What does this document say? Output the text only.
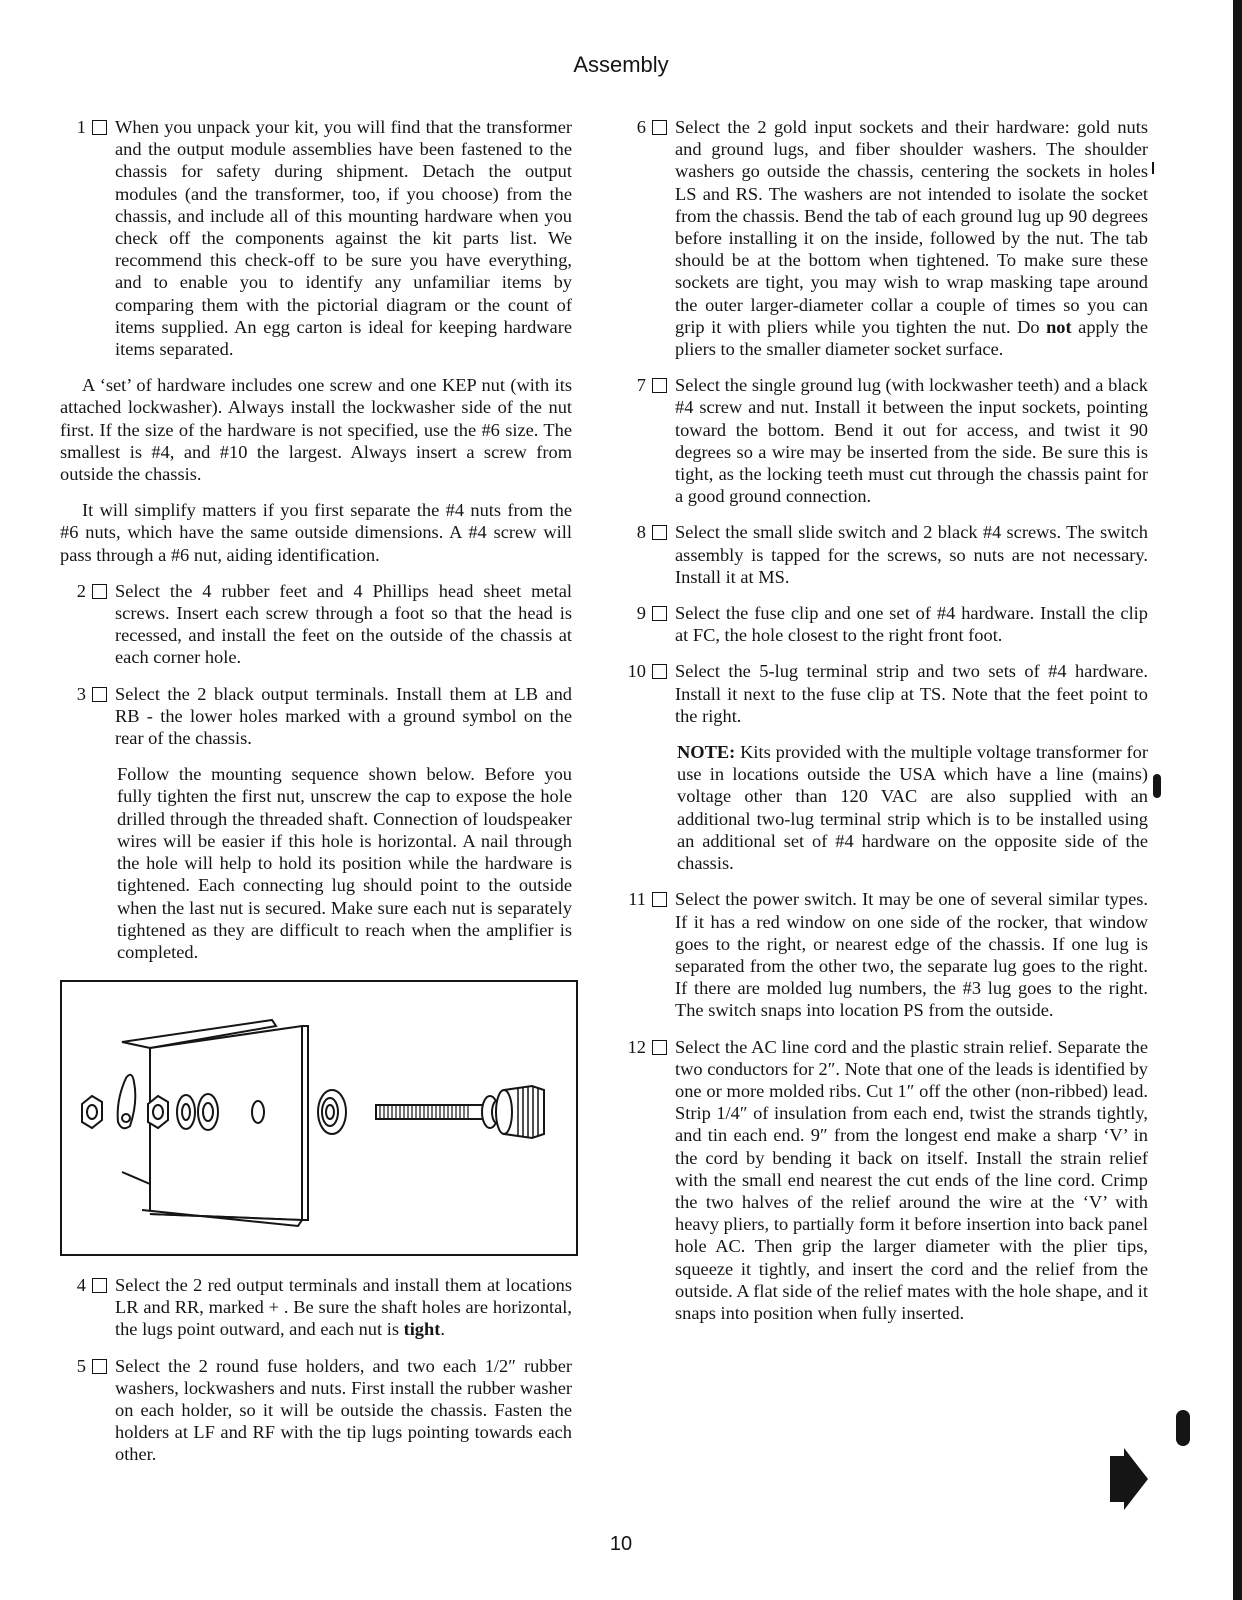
Assembly
1 When you unpack your kit, you will find that the transformer and the output module assemblies have been fastened to the chassis for safety during shipment. Detach the output modules (and the transformer, too, if you choose) from the chassis, and include all of this mounting hardware when you check off the components against the kit parts list. We recommend this check-off to be sure you have everything, and to enable you to identify any unfamiliar items by comparing them with the pictorial diagram or the count of items supplied. An egg carton is ideal for keeping hardware items separated.

A ‘set’ of hardware includes one screw and one KEP nut (with its attached lockwasher). Always install the lockwasher side of the nut first. If the size of the hardware is not specified, use the #6 size. The smallest is #4, and #10 the largest. Always insert a screw from outside the chassis.

It will simplify matters if you first separate the #4 nuts from the #6 nuts, which have the same outside dimensions. A #4 screw will pass through a #6 nut, aiding identification.

2 Select the 4 rubber feet and 4 Phillips head sheet metal screws. Insert each screw through a foot so that the head is recessed, and install the feet on the outside of the chassis at each corner hole.
3 Select the 2 black output terminals. Install them at LB and RB - the lower holes marked with a ground symbol on the rear of the chassis.

Follow the mounting sequence shown below. Before you fully tighten the first nut, unscrew the cap to expose the hole drilled through the threaded shaft. Connection of loudspeaker wires will be easier if this hole is horizontal. A nail through the hole will help to hold its position while the hardware is tightened. Each connecting lug should point to the outside when the last nut is secured. Make sure each nut is separately tightened as they are difficult to reach when the amplifier is completed.

4 Select the 2 red output terminals and install them at locations LR and RR, marked + . Be sure the shaft holes are horizontal, the lugs point outward, and each nut is tight.
5 Select the 2 round fuse holders, and two each 1/2″ rubber washers, lockwashers and nuts. First install the rubber washer on each holder, so it will be outside the chassis. Fasten the holders at LF and RF with the tip lugs pointing towards each other.
6 Select the 2 gold input sockets and their hardware: gold nuts and ground lugs, and fiber shoulder washers. The shoulder washers go outside the chassis, centering the sockets in holes LS and RS. The washers are not intended to isolate the socket from the chassis. Bend the tab of each ground lug up 90 degrees before installing it on the inside, followed by the nut. The tab should be at the bottom when tightened. To make sure these sockets are tight, you may wish to wrap masking tape around the outer larger-diameter collar a couple of times so you can grip it with pliers while you tighten the nut. Do not apply the pliers to the smaller diameter socket surface.
7 Select the single ground lug (with lockwasher teeth) and a black #4 screw and nut. Install it between the input sockets, pointing toward the bottom. Bend it out for access, and twist it 90 degrees so a wire may be inserted from the side. Be sure this is tight, as the locking teeth must cut through the chassis paint for a good ground connection.
8 Select the small slide switch and 2 black #4 screws. The switch assembly is tapped for the screws, so nuts are not necessary. Install it at MS.
9 Select the fuse clip and one set of #4 hardware. Install the clip at FC, the hole closest to the right front foot.
10 Select the 5-lug terminal strip and two sets of #4 hardware. Install it next to the fuse clip at TS. Note that the feet point to the right.

NOTE: Kits provided with the multiple voltage transformer for use in locations outside the USA which have a line (mains) voltage other than 120 VAC are also supplied with an additional two-lug terminal strip which is to be installed using an additional set of #4 hardware on the opposite side of the chassis.

11 Select the power switch. It may be one of several similar types. If it has a red window on one side of the rocker, that window goes to the right, or nearest edge of the chassis. If one lug is separated from the other two, the separate lug goes to the right. If there are molded lug numbers, the #3 lug goes to the right. The switch snaps into location PS from the outside.
12 Select the AC line cord and the plastic strain relief. Separate the two conductors for 2″. Note that one of the leads is identified by one or more molded ribs. Cut 1″ off the other (non-ribbed) lead. Strip 1/4″ of insulation from each end, twist the strands tightly, and tin each end. 9″ from the longest end make a sharp ‘V’ in the cord by bending it back on itself. Install the strain relief with the small end nearest the cut ends of the line cord. Crimp the two halves of the relief around the wire at the ‘V’ with heavy pliers, to partially form it before insertion into back panel hole AC. Then grip the larger diameter with the plier tips, squeeze it tightly, and insert the cord and the relief from the outside. A flat side of the relief mates with the hole shape, and it snaps into position when fully inserted.
10
